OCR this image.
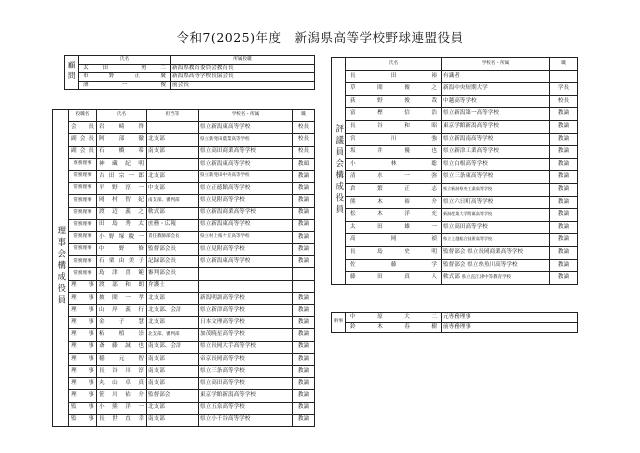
令和7(2025)年度　新潟県高等学校野球連盟役員
顧問	氏名	所属役職
	太田　勇二	新潟県教育委員会教育長
	市野正廣	新潟県高等学校長協会長
	薄一俊	前会長
理事会構成役員	役職名	氏名	担当等	学校名・所属	職
	会長	岩崎啓		県立新潟東高等学校	校長
	副会長	阿部徹	北支部	県立新発田農業高等学校	校長
	副会長	石橋希	南支部	県立高田商業高等学校	校長
	専務理事	神藏紀明		県立新潟東高等学校	教頭
	常務理事	吉田宗一郎	北支部	県立新発田中央高等学校	教論
	常務理事	平野淳一	中支部	県立正徳館高等学校	教論
	常務理事	岡村智紀	南支部、審判部	県立見附高等学校	教論
	常務理事	渡辺義之	軟式部	県立新潟商業高等学校	教論
	常務理事	田島秀太	庶務・広報	県立新潟東高等学校	教論
	常務理事	小野塚慶一	責任教師部会長	県立村上桜ケ丘高等学校	教論
	常務理事	中野修	監督部会長	県立見附高等学校	教論
	常務理事	石栗由美子	記録部会長	県立新潟東高等学校	教論
	常務理事	島津喜範	審判部会長		
	理事	渡部和朗	弁護士		
	理事	披間一孝	北支部	新潟明訓高等学校	教論
	理事	山岸義行	北支部、会計	県立新津高等学校	教論
	理事	金子慧	北支部	日本文理高等学校	教論
	理事	柘植崇	北支部、審判部	加茂暁星高等学校	教論
	理事	斎藤誠也	南支部、会計	県立長岡大手高等学校	教論
	理事	稲元智	南支部	帝京長岡高等学校	教論
	理事	長谷川淳	南支部	県立三条高等学校	教論
	理事	丸山卓真	南支部	県立高田高等学校	教論
	理事	笹川佑介	監督部会	東京学館新潟高等学校	教論
	監事	小熊洋一	北支部	県立五泉高等学校	教論
	監事	長世直幸	南支部	県立小千谷高等学校	教論
評議員会構成役員	氏名	学校名・所属	職
	長田裕	有識者	
	草間俊之	新潟中央短期大学	学長
	荻野俊哉	中越高等学校	校長
	富樫信浩	県立新潟第一高等学校	教論
	長谷和昭	東京学館新潟高等学校	教論
	宮川強	県立新潟南高等学校	教論
	坂井優也	県立新津工業高等学校	教論
	小林聡	県立白根高等学校	教論
	清水一弥	県立三条東高等学校	教論
	倉繁正志	県立新潟県央工業高等学校	教論
	熊木裕介	県立六日町高等学校	教論
	松木洋充	新潟産業大学附属高等学校	教論
	太田雄一	県立高田高等学校	教論
	高岡禎	県立上越総合技術高等学校	教論
	長島史明	監督部会 県立長岡商業高等学校	教論
	佐藤学	監督部会 県立糸魚川高等学校	教論
	藤田真人	軟式部 県立直江津中等教育学校	教論
幹事	中原大二	元専務理事
	鈴木春樹	前専務理事
